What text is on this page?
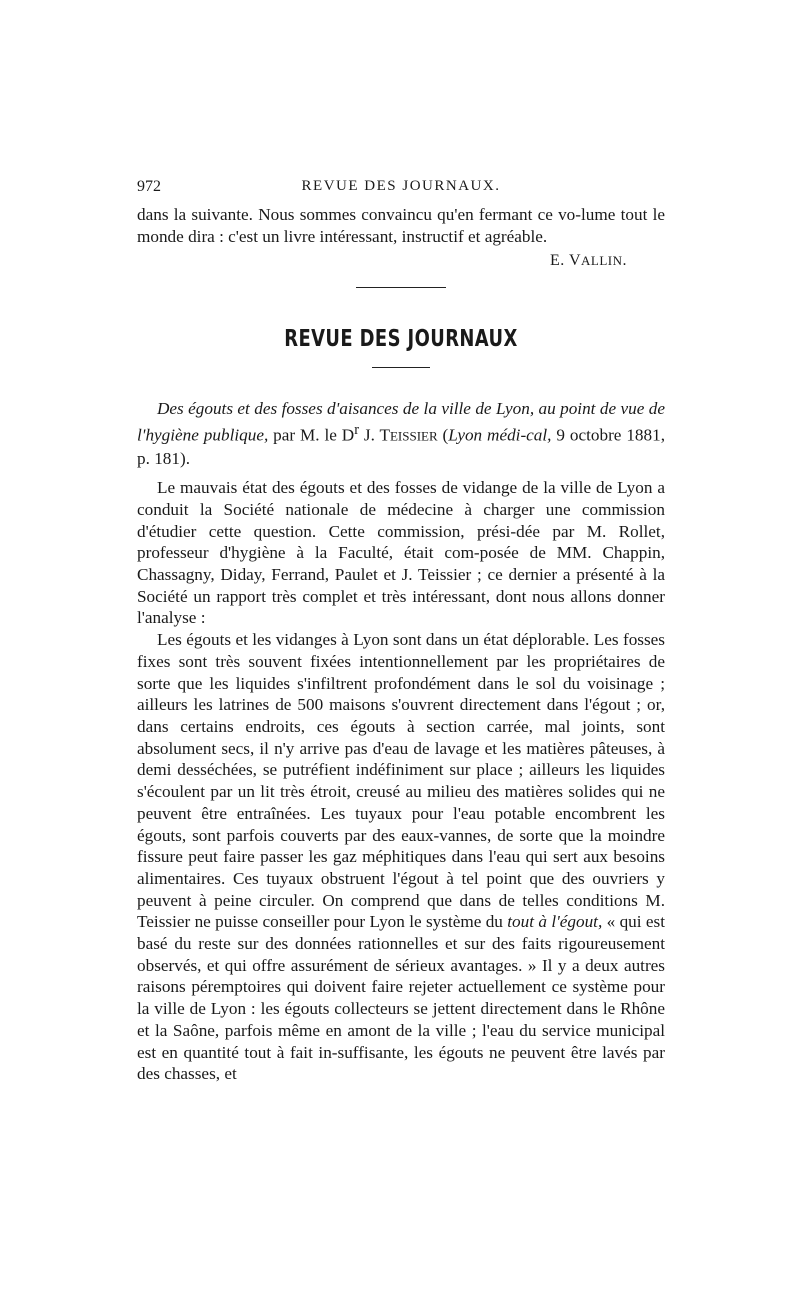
972	REVUE DES JOURNAUX.

dans la suivante. Nous sommes convaincu qu'en fermant ce vo-lume tout le monde dira : c'est un livre intéressant, instructif et agréable.

E. VALLIN.
REVUE DES JOURNAUX

Des égouts et des fosses d'aisances de la ville de Lyon, au point de vue de l'hygiène publique, par M. le $D^r$ J. TEISSIER (Lyon médi-cal, 9 octobre 1881, p. 181).

Le mauvais état des égouts et des fosses de vidange de la ville de Lyon a conduit la Société nationale de médecine à charger une commission d'étudier cette question. Cette commission, prési-dée par M. Rollet, professeur d'hygiène à la Faculté, était com-posée de MM. Chappin, Chassagny, Diday, Ferrand, Paulet et J. Teissier ; ce dernier a présenté à la Société un rapport très complet et très intéressant, dont nous allons donner l'analyse :

Les égouts et les vidanges à Lyon sont dans un état déplorable. Les fosses fixes sont très souvent fixées intentionnellement par les propriétaires de sorte que les liquides s'infiltrent profondément dans le sol du voisinage ; ailleurs les latrines de 500 maisons s'ouvrent directement dans l'égout ; or, dans certains endroits, ces égouts à section carrée, mal joints, sont absolument secs, il n'y arrive pas d'eau de lavage et les matières pâteuses, à demi desséchées, se putréfient indéfiniment sur place ; ailleurs les liquides s'écoulent par un lit très étroit, creusé au milieu des matières solides qui ne peuvent être entraînées. Les tuyaux pour l'eau potable encombrent les égouts, sont parfois couverts par des eaux-vannes, de sorte que la moindre fissure peut faire passer les gaz méphitiques dans l'eau qui sert aux besoins alimentaires. Ces tuyaux obstruent l'égout à tel point que des ouvriers y peuvent à peine circuler. On comprend que dans de telles conditions M. Teissier ne puisse conseiller pour Lyon le système du tout à l'égout, « qui est basé du reste sur des données rationnelles et sur des faits rigoureusement observés, et qui offre assurément de sérieux avantages. » Il y a deux autres raisons péremptoires qui doivent faire rejeter actuellement ce système pour la ville de Lyon : les égouts collecteurs se jettent directement dans le Rhône et la Saône, parfois même en amont de la ville ; l'eau du service municipal est en quantité tout à fait in-suffisante, les égouts ne peuvent être lavés par des chasses, et
